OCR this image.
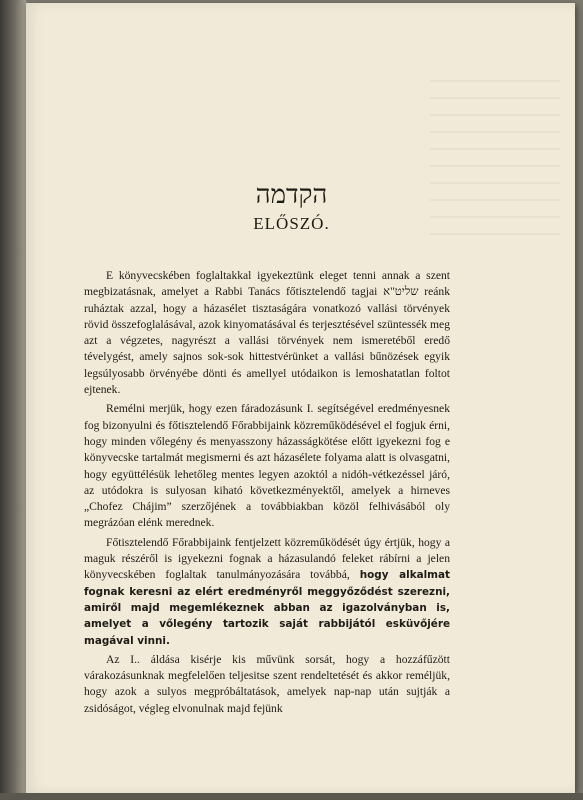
הקדמה
ELŐSZÓ.

E könyvecskében foglaltakkal igyekeztünk eleget tenni annak a szent megbizatásnak, amelyet a Rabbi Tanács főtisztelendő tagjai שליט"א reánk ruháztak azzal, hogy a házasélet tisztaságára vonatkozó vallási törvények rövid összefoglalásával, azok kinyomatásával és terjesztésével szüntessék meg azt a végzetes, nagyrészt a vallási törvények nem ismeretéből eredő tévelygést, amely sajnos sok-sok hittestvérünket a vallási bűnözések egyik legsúlyosabb örvényébe dönti és amellyel utódaikon is lemoshatatlan foltot ejtenek.

Remélni merjük, hogy ezen fáradozásunk I. segítségével eredményesnek fog bizonyulni és főtisztelendő Főrabbijaink közreműködésével el fogjuk érni, hogy minden vőlegény és menyasszony házasságkötése előtt igyekezni fog e könyvecske tartalmát megismerni és azt házasélete folyama alatt is olvasgatni, hogy együttélésük lehetőleg mentes legyen azoktól a nidóh-vétkezéssel járó, az utódokra is sulyosan kiható következményektől, amelyek a hirneves „Chofez Chájim” szerzőjének a továbbiakban közöl felhivásából oly megrázóan elénk merednek.

Főtisztelendő Főrabbijaink fentjelzett közreműködését úgy értjük, hogy a maguk részéről is igyekezni fognak a házasulandó feleket rábírni a jelen könyvecskében foglaltak tanulmányozására továbbá, hogy alkalmat fognak keresni az elért eredményről meggyőződést szerezni, amiről majd megemlékeznek abban az igazolványban is, amelyet a vőlegény tartozik saját rabbijától esküvőjére magával vinni.

Az I.. áldása kisérje kis művünk sorsát, hogy a hozzáfűzött várakozásunknak megfelelően teljesitse szent rendeltetését és akkor reméljük, hogy azok a sulyos megpróbáltatások, amelyek nap-nap után sujtják a zsidóságot, végleg elvonulnak majd fejünk
